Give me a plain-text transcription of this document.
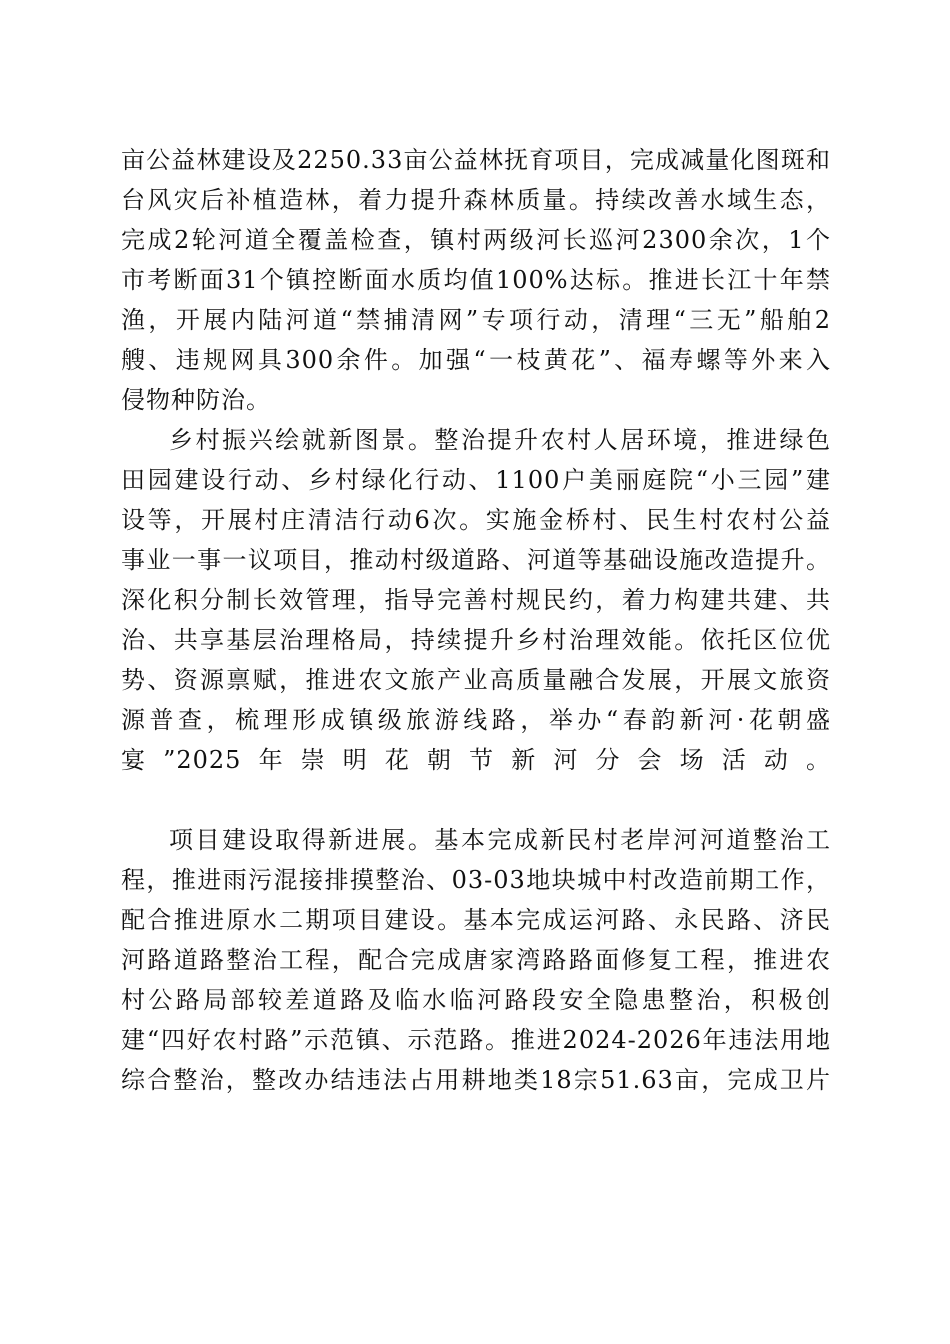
亩公益林建设及2250.33亩公益林抚育项目，完成减量化图斑和
台风灾后补植造林，着力提升森林质量。持续改善水域生态，
完成2轮河道全覆盖检查，镇村两级河长巡河2300余次，1个
市考断面31个镇控断面水质均值100%达标。推进长江十年禁
渔，开展内陆河道“禁捕清网”专项行动，清理“三无”船舶2
艘、违规网具300余件。加强“一枝黄花”、福寿螺等外来入
侵物种防治。
乡村振兴绘就新图景。整治提升农村人居环境，推进绿色
田园建设行动、乡村绿化行动、1100户美丽庭院“小三园”建
设等，开展村庄清洁行动6次。实施金桥村、民生村农村公益
事业一事一议项目，推动村级道路、河道等基础设施改造提升。
深化积分制长效管理，指导完善村规民约，着力构建共建、共
治、共享基层治理格局，持续提升乡村治理效能。依托区位优
势、资源禀赋，推进农文旅产业高质量融合发展，开展文旅资
源普查，梳理形成镇级旅游线路，举办“春韵新河·花朝盛
宴”2025年崇明花朝节新河分会场活动。
项目建设取得新进展。基本完成新民村老岸河河道整治工
程，推进雨污混接排摸整治、03-03地块城中村改造前期工作，
配合推进原水二期项目建设。基本完成运河路、永民路、济民
河路道路整治工程，配合完成唐家湾路路面修复工程，推进农
村公路局部较差道路及临水临河路段安全隐患整治，积极创
建“四好农村路”示范镇、示范路。推进2024-2026年违法用地
综合整治，整改办结违法占用耕地类18宗51.63亩，完成卫片
